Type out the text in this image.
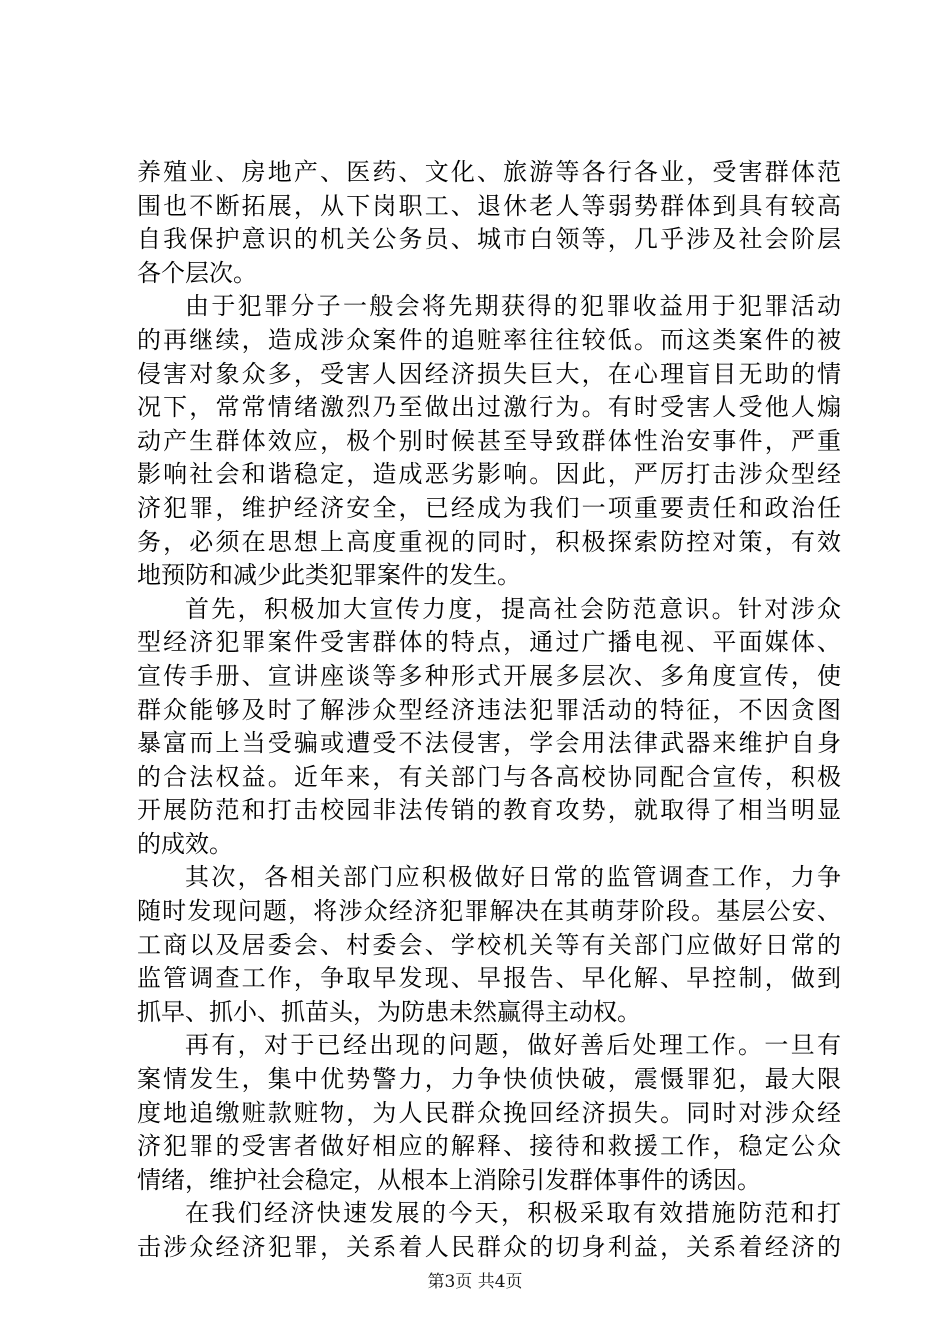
养殖业、房地产、医药、文化、旅游等各行各业，受害群体范
围也不断拓展，从下岗职工、退休老人等弱势群体到具有较高
自我保护意识的机关公务员、城市白领等，几乎涉及社会阶层
各个层次。
由于犯罪分子一般会将先期获得的犯罪收益用于犯罪活动
的再继续，造成涉众案件的追赃率往往较低。而这类案件的被
侵害对象众多，受害人因经济损失巨大，在心理盲目无助的情
况下，常常情绪激烈乃至做出过激行为。有时受害人受他人煽
动产生群体效应，极个别时候甚至导致群体性治安事件，严重
影响社会和谐稳定，造成恶劣影响。因此，严厉打击涉众型经
济犯罪，维护经济安全，已经成为我们一项重要责任和政治任
务，必须在思想上高度重视的同时，积极探索防控对策，有效
地预防和减少此类犯罪案件的发生。
首先，积极加大宣传力度，提高社会防范意识。针对涉众
型经济犯罪案件受害群体的特点，通过广播电视、平面媒体、
宣传手册、宣讲座谈等多种形式开展多层次、多角度宣传，使
群众能够及时了解涉众型经济违法犯罪活动的特征，不因贪图
暴富而上当受骗或遭受不法侵害，学会用法律武器来维护自身
的合法权益。近年来，有关部门与各高校协同配合宣传，积极
开展防范和打击校园非法传销的教育攻势，就取得了相当明显
的成效。
其次，各相关部门应积极做好日常的监管调查工作，力争
随时发现问题，将涉众经济犯罪解决在其萌芽阶段。基层公安、
工商以及居委会、村委会、学校机关等有关部门应做好日常的
监管调查工作，争取早发现、早报告、早化解、早控制，做到
抓早、抓小、抓苗头，为防患未然赢得主动权。
再有，对于已经出现的问题，做好善后处理工作。一旦有
案情发生，集中优势警力，力争快侦快破，震慑罪犯，最大限
度地追缴赃款赃物，为人民群众挽回经济损失。同时对涉众经
济犯罪的受害者做好相应的解释、接待和救援工作，稳定公众
情绪，维护社会稳定，从根本上消除引发群体事件的诱因。
在我们经济快速发展的今天，积极采取有效措施防范和打
击涉众经济犯罪，关系着人民群众的切身利益，关系着经济的
第3页 共4页
